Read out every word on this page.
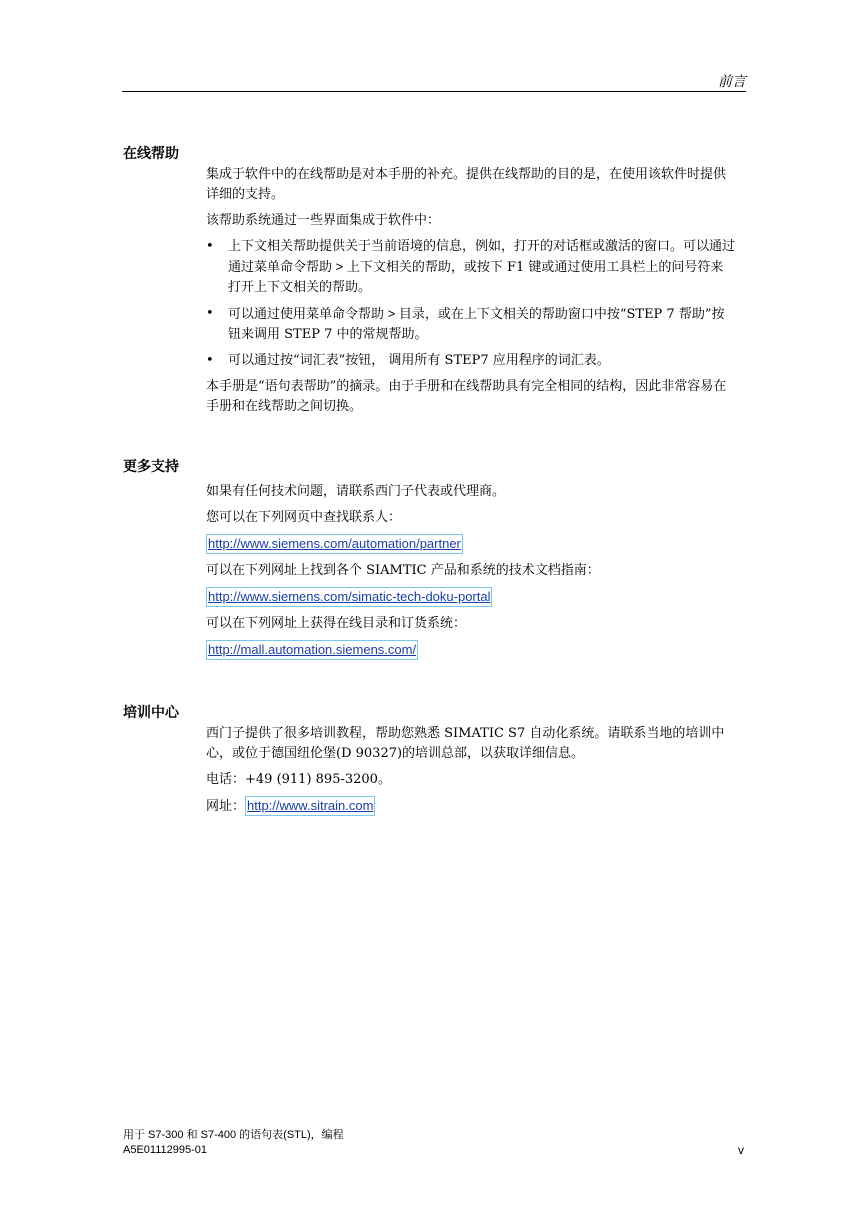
前言
在线帮助

集成于软件中的在线帮助是对本手册的补充。提供在线帮助的目的是，在使用该软件时提供详细的支持。

该帮助系统通过一些界面集成于软件中：

• 上下文相关帮助提供关于当前语境的信息，例如，打开的对话框或激活的窗口。可以通过通过菜单命令帮助 > 上下文相关的帮助，或按下 F1 键或通过使用工具栏上的问号符来打开上下文相关的帮助。
• 可以通过使用菜单命令帮助 > 目录，或在上下文相关的帮助窗口中按“STEP 7 帮助”按钮来调用 STEP 7 中的常规帮助。
• 可以通过按“词汇表”按钮， 调用所有 STEP7 应用程序的词汇表。

本手册是“语句表帮助”的摘录。由于手册和在线帮助具有完全相同的结构，因此非常容易在手册和在线帮助之间切换。

更多支持

如果有任何技术问题，请联系西门子代表或代理商。

您可以在下列网页中查找联系人：

http://www.siemens.com/automation/partner

可以在下列网址上找到各个 SIAMTIC 产品和系统的技术文档指南：

http://www.siemens.com/simatic-tech-doku-portal

可以在下列网址上获得在线目录和订货系统：

http://mall.automation.siemens.com/
培训中心

西门子提供了很多培训教程，帮助您熟悉 SIMATIC S7 自动化系统。请联系当地的培训中心，或位于德国纽伦堡(D 90327)的培训总部，以获取详细信息。

电话：+49 (911) 895-3200。

网址： http://www.sitrain.com

用于 S7-300 和 S7-400 的语句表(STL)，编程
A5E01112995-01	v
